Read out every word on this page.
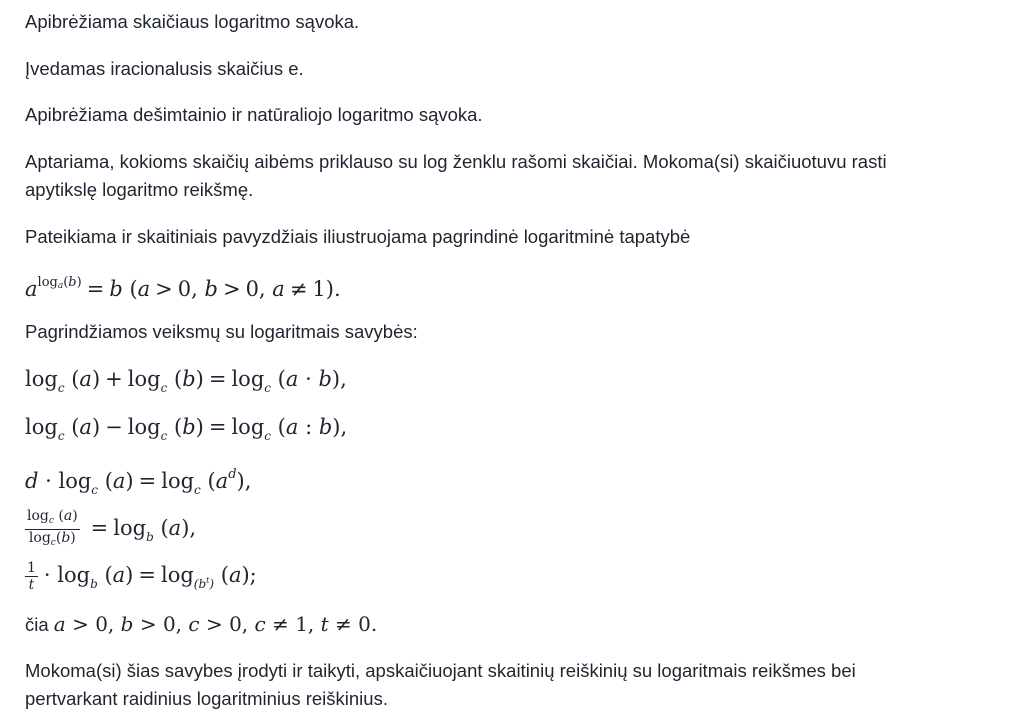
Apibrėžiama skaičiaus logaritmo sąvoka.
Įvedamas iracionalusis skaičius e.
Apibrėžiama dešimtainio ir natūraliojo logaritmo sąvoka.
Aptariama, kokioms skaičių aibėms priklauso su log ženklu rašomi skaičiai. Mokoma(si) skaičiuotuvu rasti
apytikslę logaritmo reikšmę.
Pateikiama ir skaitiniais pavyzdžiais iliustruojama pagrindinė logaritminė tapatybė
$a^{log_a(b)} = b$ (a > 0, b > 0, a ≠ 1).
Pagrindžiamos veiksmų su logaritmais savybės:
$\log_c (a) + \log_c (b) = \log_c (a \cdot b)$,
$\log_c (a) - \log_c (b) = \log_c (a$ : b),
$d \cdot \log_c (a) = \log_c (a^d)$,
$\frac{\log_c (a)}{\log_c(b)} = \log_b (a)$,
$\frac{1}{t} \cdot \log_b (a) = \log_{(b^t)} (a)$;
čia a > 0, b > 0, c > 0, c ≠ 1, t ≠ 0.
Mokoma(si) šias savybes įrodyti ir taikyti, apskaičiuojant skaitinių reiškinių su logaritmais reikšmes bei
pertvarkant raidinius logaritminius reiškinius.
